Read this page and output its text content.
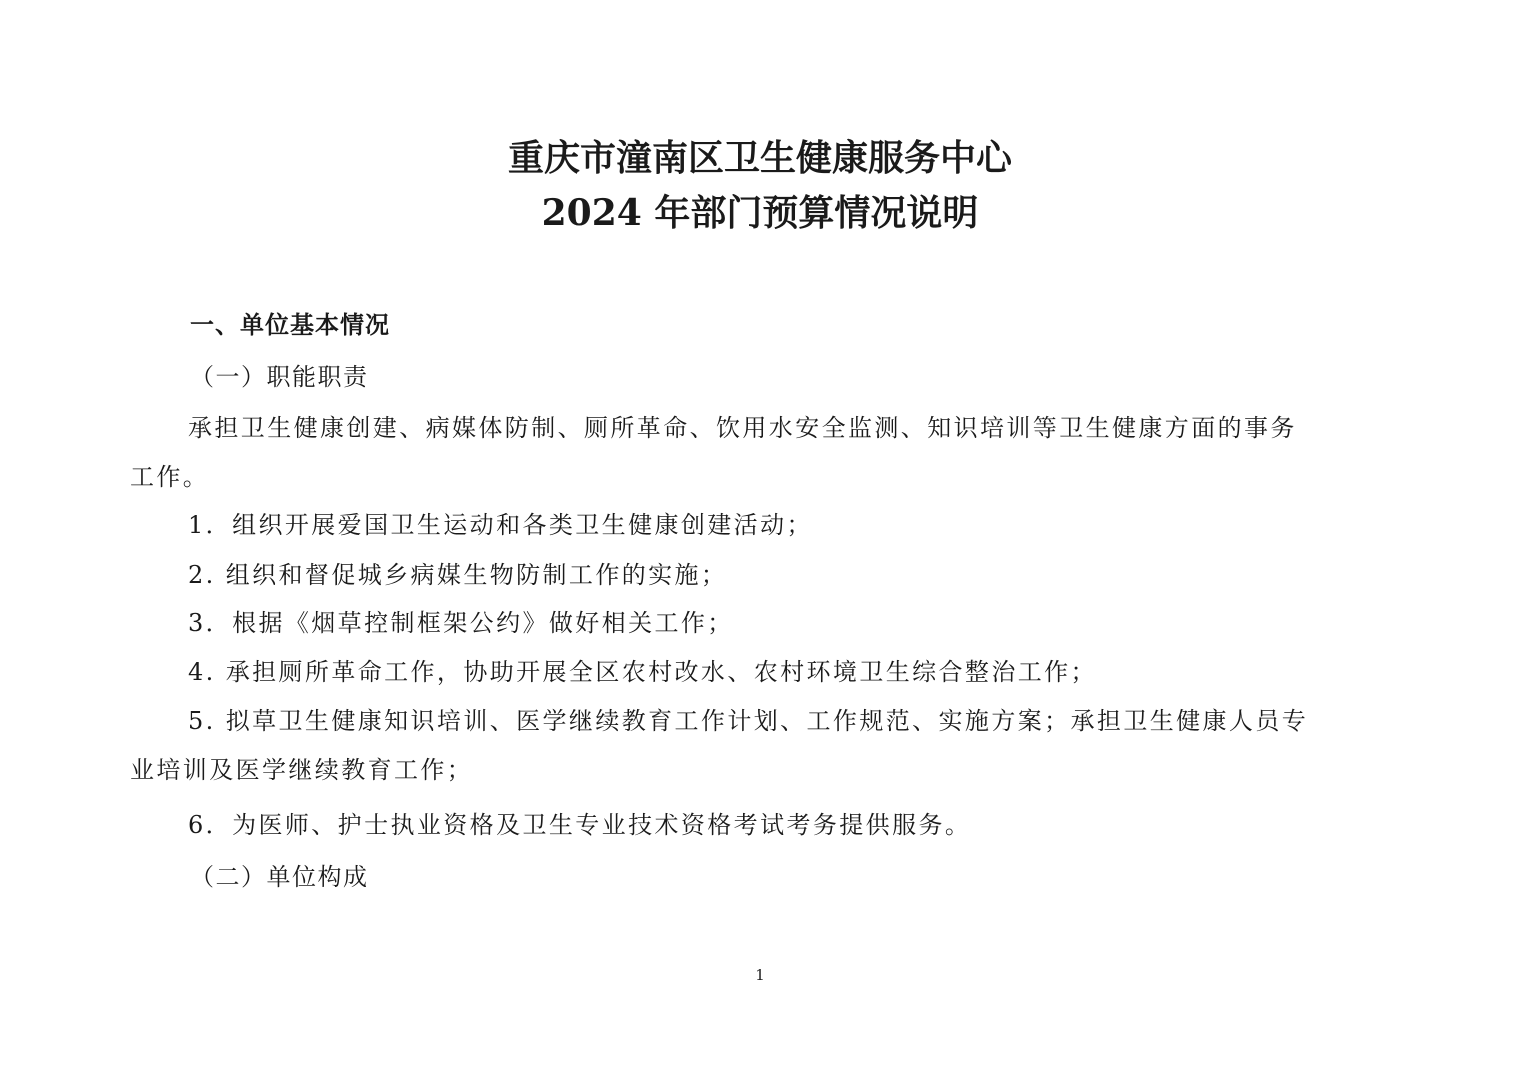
重庆市潼南区卫生健康服务中心
2024 年部门预算情况说明
一、单位基本情况
（一）职能职责
承担卫生健康创建、病媒体防制、厕所革命、饮用水安全监测、知识培训等卫生健康方面的事务
工作。
1．组织开展爱国卫生运动和各类卫生健康创建活动；
2. 组织和督促城乡病媒生物防制工作的实施；
3．根据《烟草控制框架公约》做好相关工作；
4. 承担厕所革命工作，协助开展全区农村改水、农村环境卫生综合整治工作；
5. 拟草卫生健康知识培训、医学继续教育工作计划、工作规范、实施方案；承担卫生健康人员专
业培训及医学继续教育工作；
6．为医师、护士执业资格及卫生专业技术资格考试考务提供服务。
（二）单位构成
1
